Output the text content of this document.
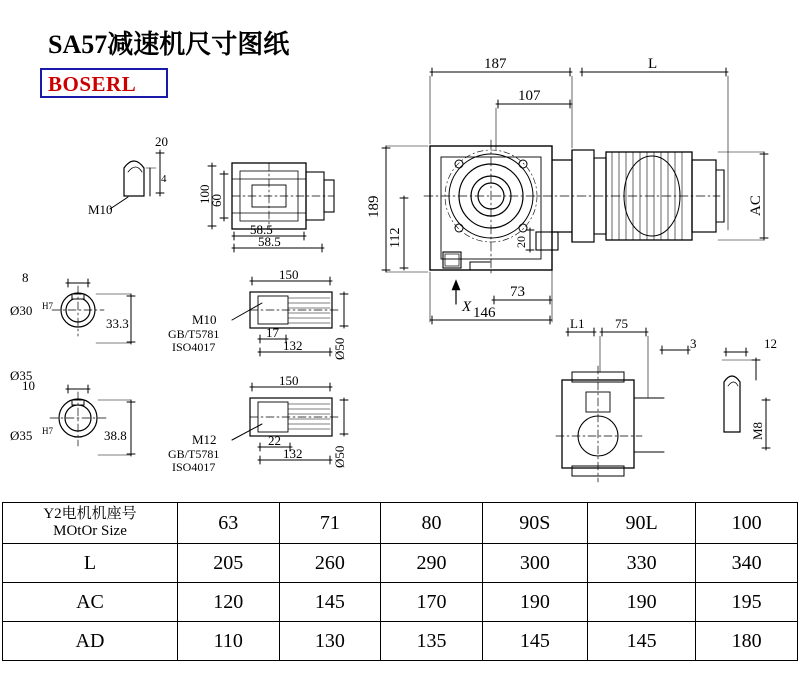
SA57减速机尺寸图纸
BOSERL
M10
20
4
100
60
58.5
58.5
8
Ø30 H7
33.3
Ø35
10
Ø35 H7	38.8
150
17
132
M10
GB/T5781
ISO4017	Ø50
150
22
132
M12
GB/T5781
ISO4017	Ø50
187	L
107
189
112	20
AC
73
146
X
L1 75
3	12
M8
Y2电机机座号
MOtOr Size	63	71	80	90S	90L	100
L	205	260	290	300	330	340
AC	120	145	170	190	190	195
AD	110	130	135	145	145	180
